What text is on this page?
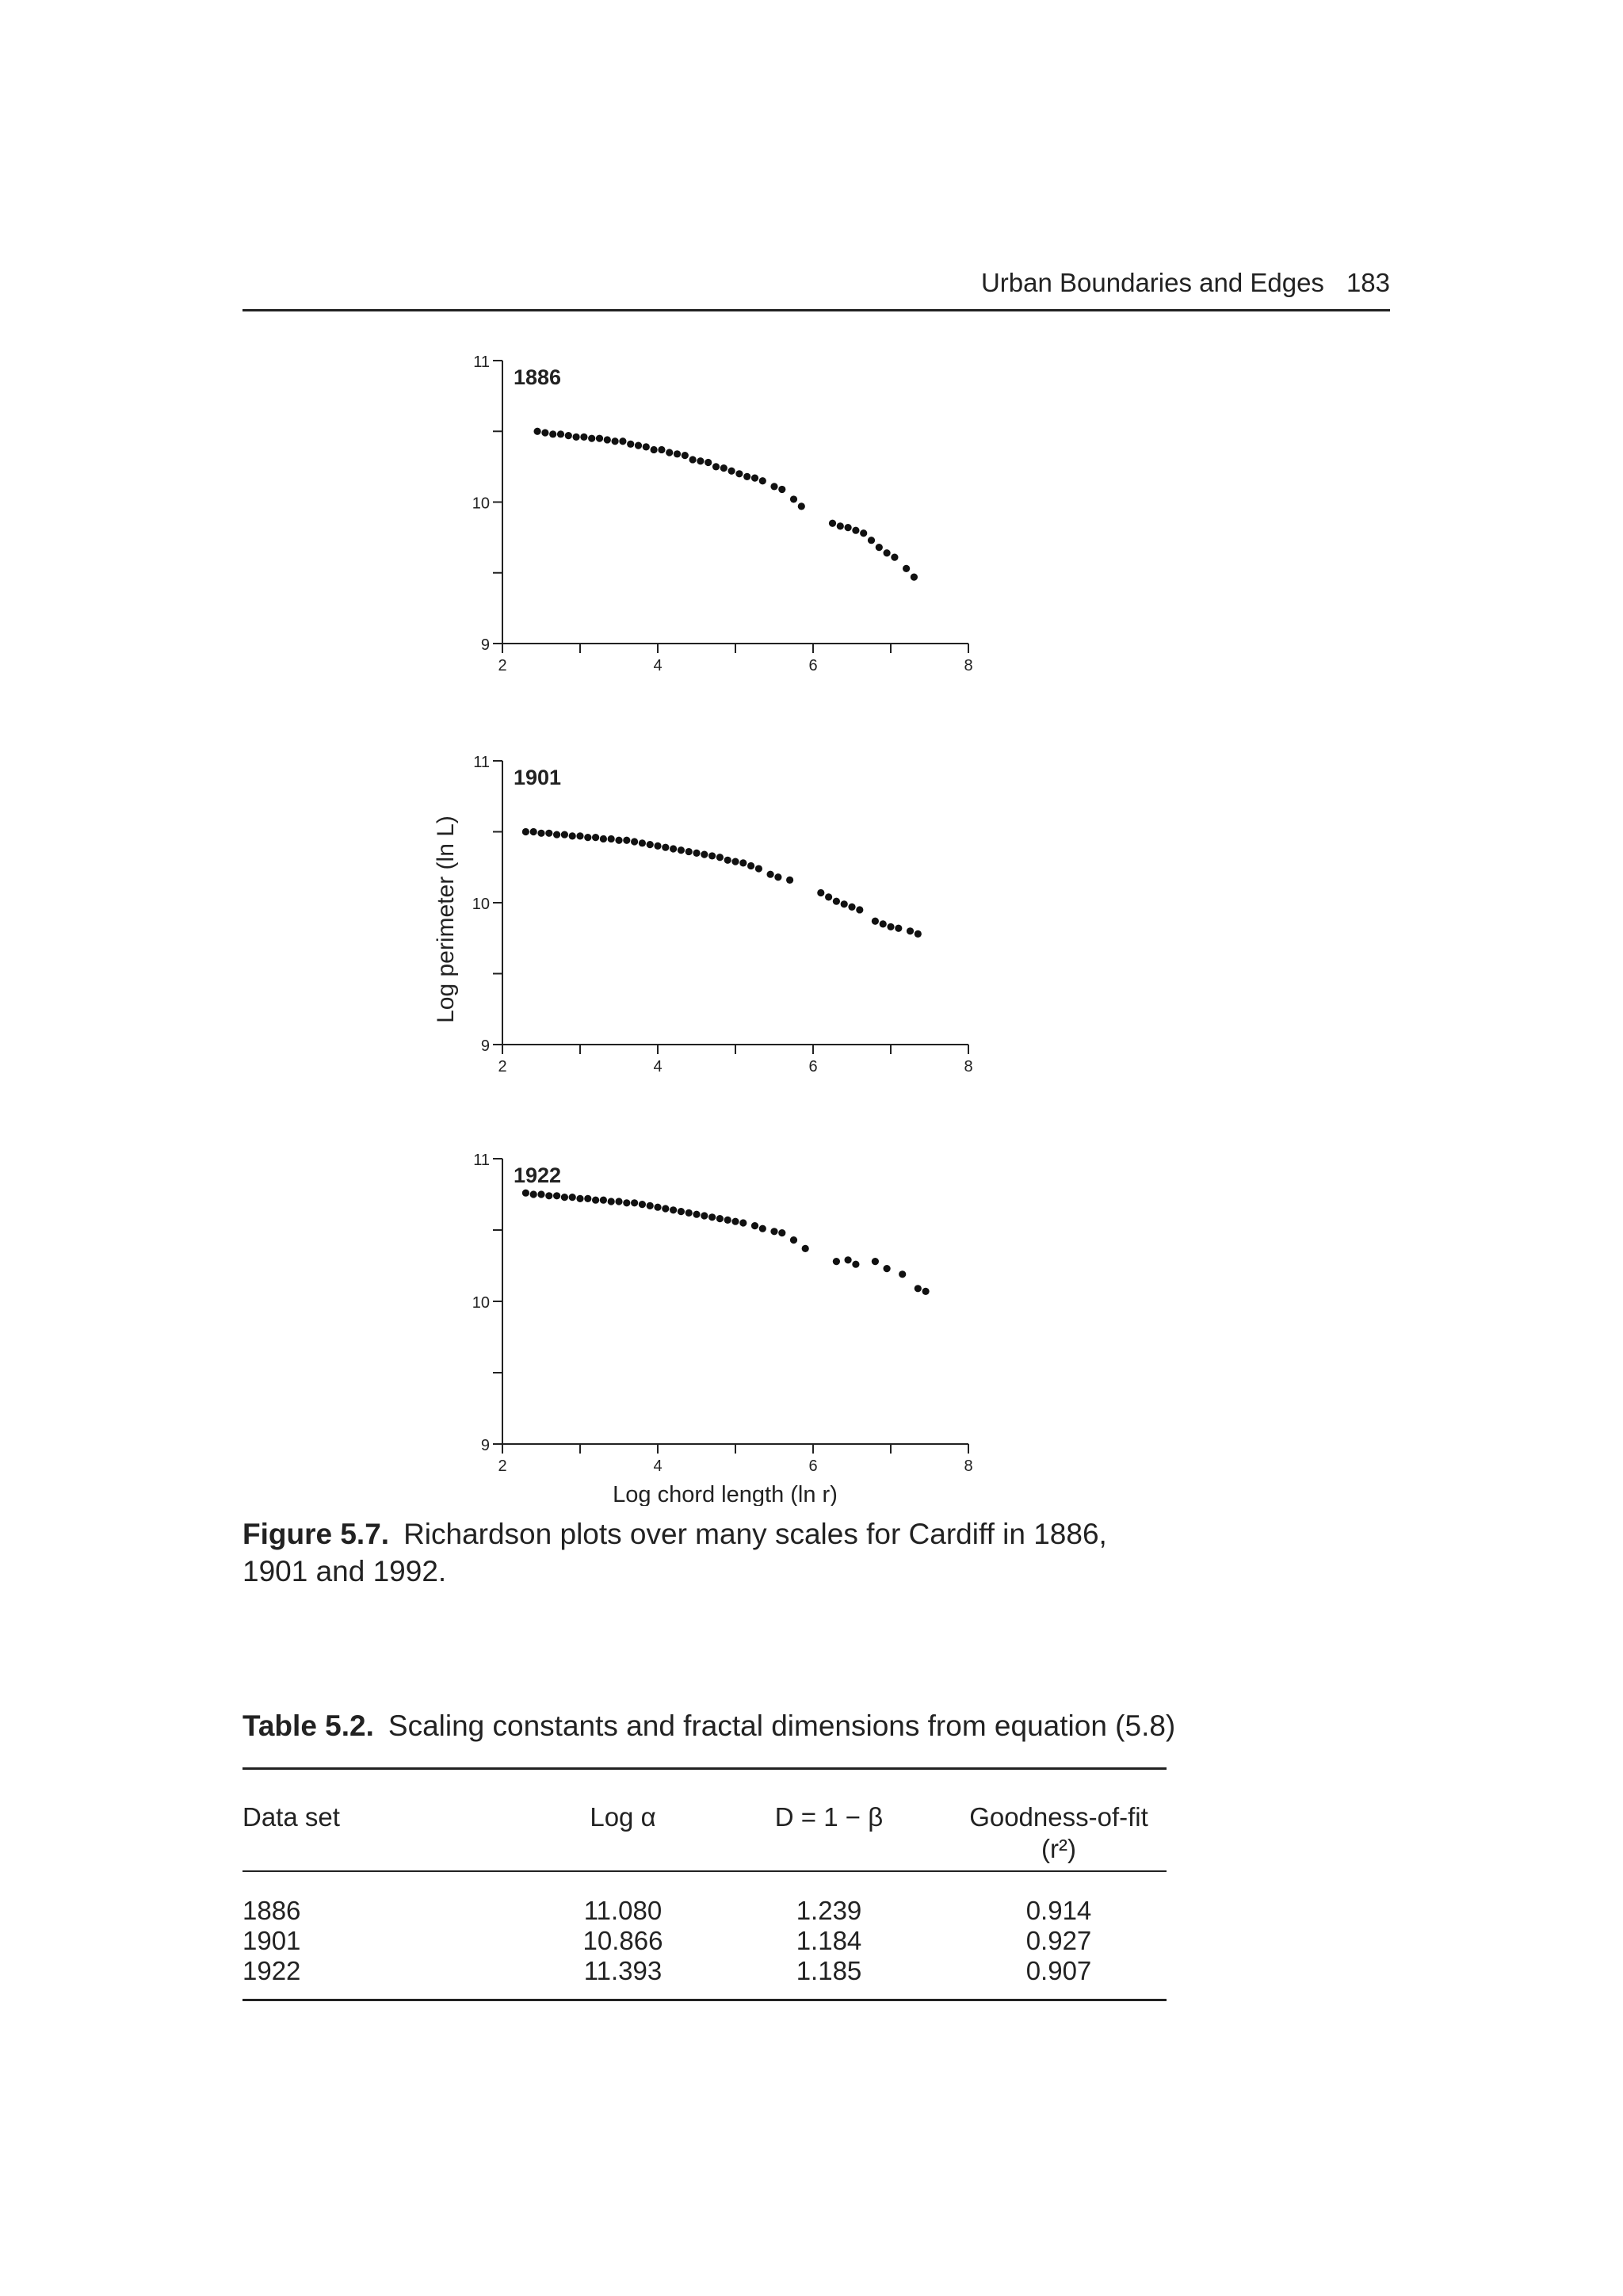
Urban Boundaries and Edges 183
Log perimeter (ln L)
Log chord length (ln r)
9
10
11
2	4	6	8
1886
9
10
11
2	4	6	8
1901
9
10
11
2	4	6	8
1922
Figure 5.7. Richardson plots over many scales for Cardiff in 1886, 1901 and 1992.
Table 5.2. Scaling constants and fractal dimensions from equation (5.8)
Data set	Log α	D = 1 − β	Goodness-of-fit
(r²)
1886	11.080	1.239	0.914
1901	10.866	1.184	0.927
1922	11.393	1.185	0.907
